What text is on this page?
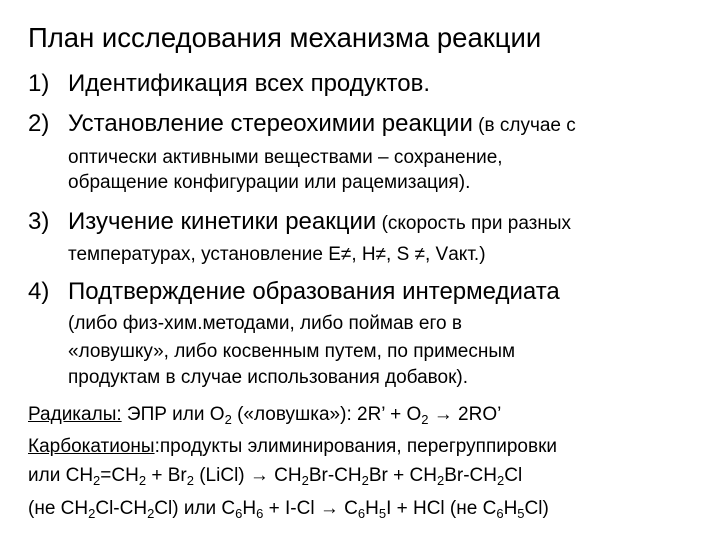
План исследования механизма реакции
1) Идентификация всех продуктов.
2) Установление стереохимии реакции (в случае с
оптически активными веществами – сохранение,
обращение конфигурации или рацемизация).
3) Изучение кинетики реакции (скорость при разных
температурах, установление E≠, H≠, S ≠, Vакт.)
4) Подтверждение образования интермедиата
(либо физ-хим.методами, либо поймав его в
«ловушку», либо косвенным путем, по примесным
продуктам в случае использования добавок).
Радикалы: ЭПР или $O_2$ («ловушка»): 2R’ + $O_2 \to 2RO$’
Карбокатионы:продукты элиминирования, перегруппировки
или $CH_2=CH_2 + Br_2$ (LiCl) → $CH_2Br-CH_2Br + CH_2Br-CH_2Cl$
(не $CH_2Cl-CH_2Cl$) или $C_6H_6 + I-Cl \to C_6H_5I$ + HCl (не $C_6H_5Cl$)
